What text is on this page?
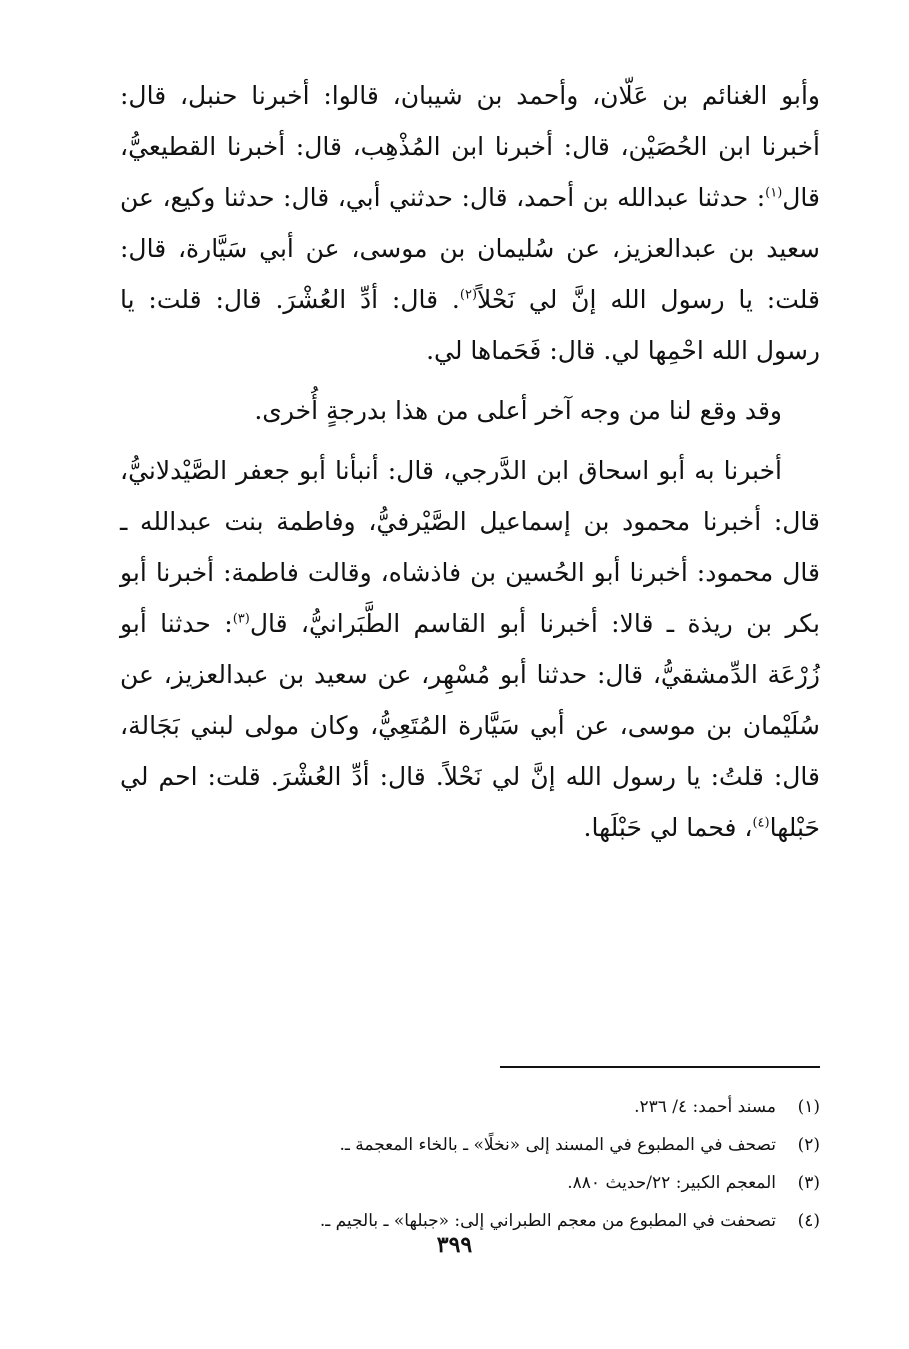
وأبو الغنائم بن عَلّان، وأحمد بن شيبان، قالوا: أخبرنا حنبل، قال: أخبرنا ابن الحُصَيْن، قال: أخبرنا ابن المُذْهِب، قال: أخبرنا القطيعيُّ، قال$^{(١)}$: حدثنا عبدالله بن أحمد، قال: حدثني أبي، قال: حدثنا وكيع، عن سعيد بن عبدالعزيز، عن سُليمان بن موسى، عن أبي سَيَّارة، قال: قلت: يا رسول الله إنَّ لي نَحْلاً$^{(٢)}$. قال: أدِّ العُشْرَ. قال: قلت: يا رسول الله احْمِها لي. قال: فَحَماها لي.

وقد وقع لنا من وجه آخر أعلى من هذا بدرجةٍ أُخرى.

أخبرنا به أبو اسحاق ابن الدَّرجي، قال: أنبأنا أبو جعفر الصَّيْدلانيُّ، قال: أخبرنا محمود بن إسماعيل الصَّيْرفيُّ، وفاطمة بنت عبدالله ـ قال محمود: أخبرنا أبو الحُسين بن فاذشاه، وقالت فاطمة: أخبرنا أبو بكر بن ريذة ـ قالا: أخبرنا أبو القاسم الطَّبَرانيُّ، قال$^{(٣)}$: حدثنا أبو زُرْعَة الدِّمشقيُّ، قال: حدثنا أبو مُسْهِر، عن سعيد بن عبدالعزيز، عن سُلَيْمان بن موسى، عن أبي سَيَّارة المُتَعِيُّ، وكان مولى لبني بَجَالة، قال: قلتُ: يا رسول الله إنَّ لي نَحْلاً. قال: أدِّ العُشْرَ. قلت: احم لي حَبْلها$^{(٤)}$، فحما لي حَبْلَها.

(١)
مسند أحمد: ٤/ ٢٣٦.
(٢)
تصحف في المطبوع في المسند إلى «نخلًا» ـ بالخاء المعجمة ـ.
(٣)
المعجم الكبير: ٢٢/حديث ٨٨٠.
(٤)
تصحفت في المطبوع من معجم الطبراني إلى: «جبلها» ـ بالجيم ـ.
٣٩٩
